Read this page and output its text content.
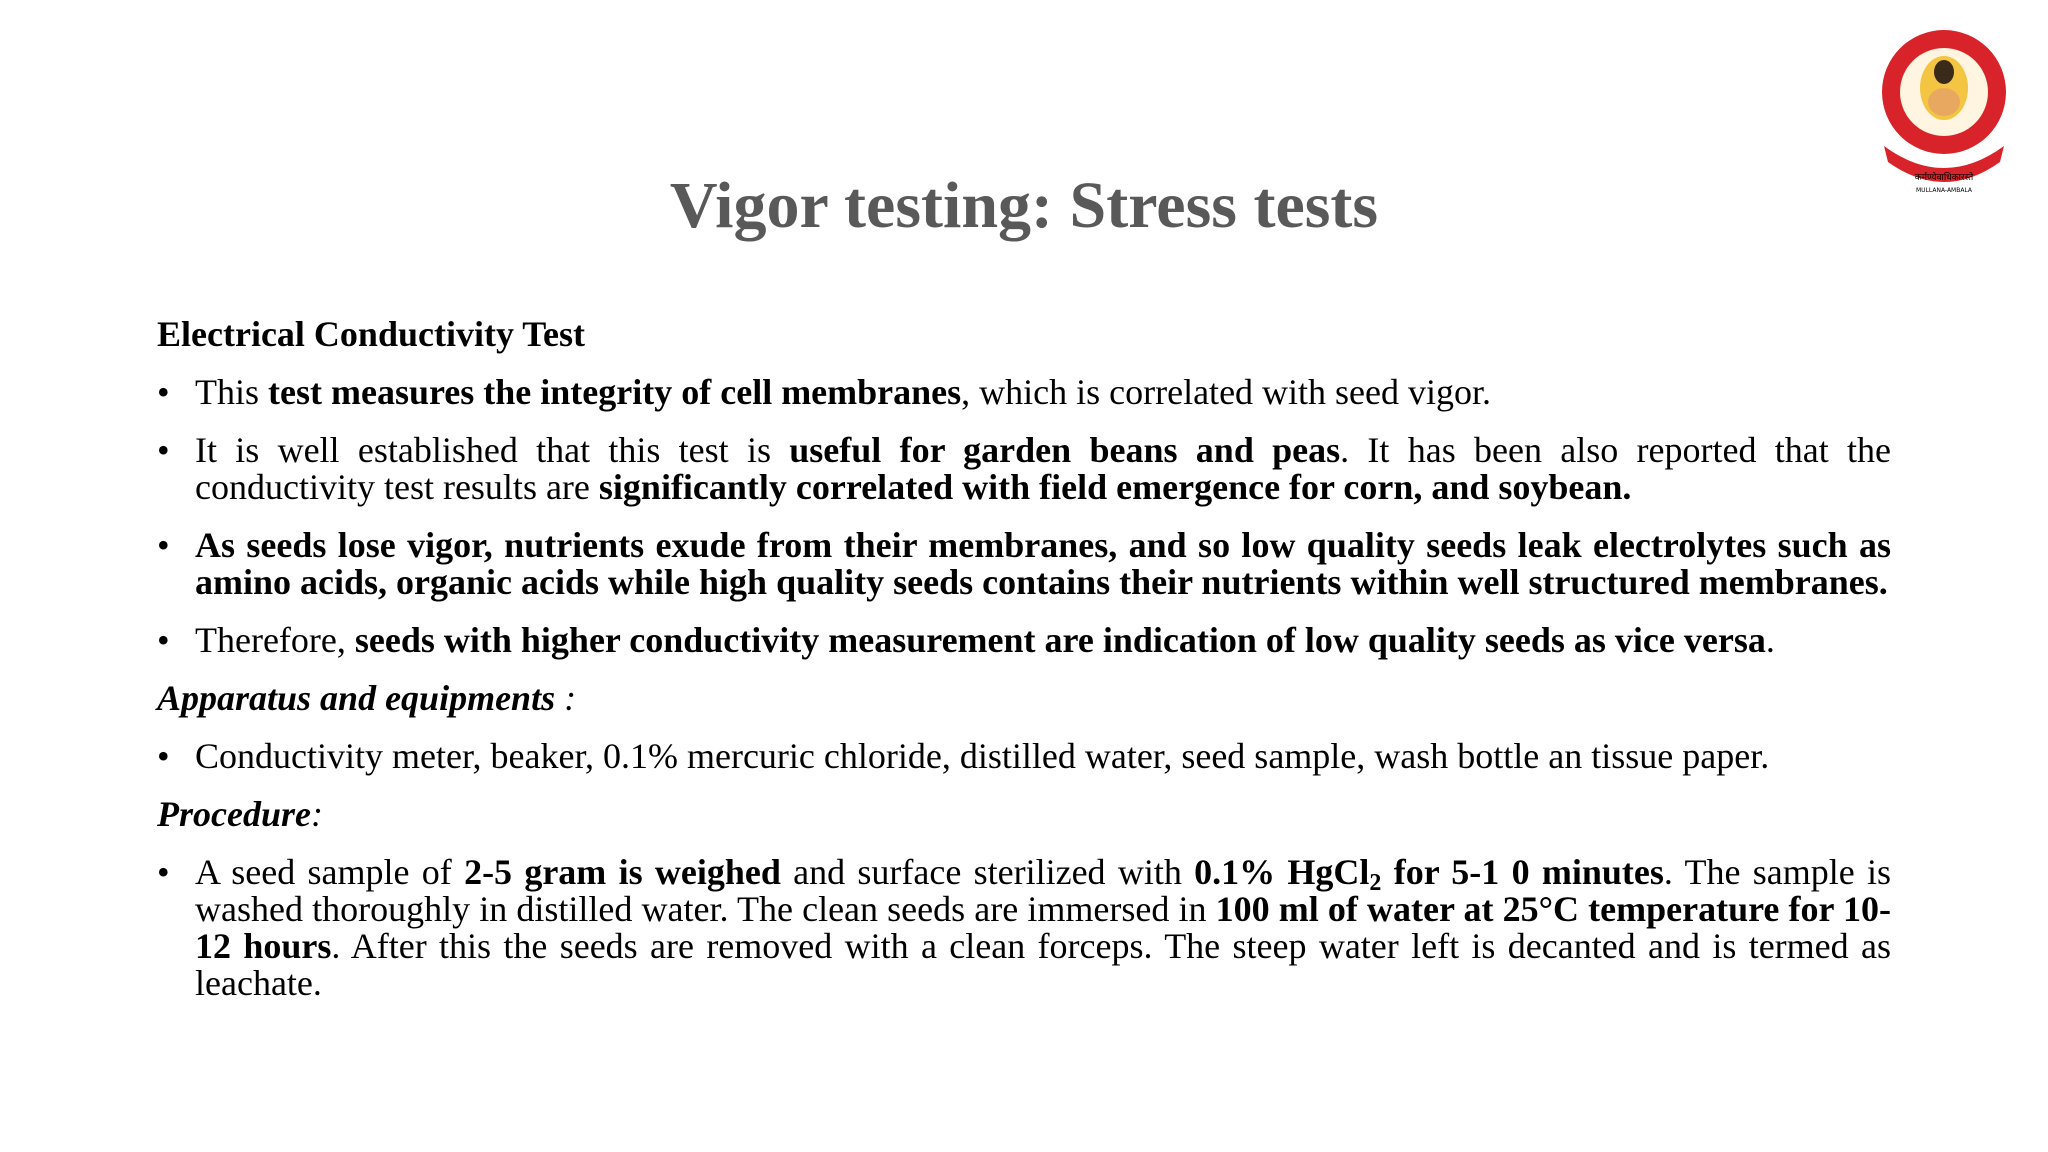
कर्मण्येवाधिकारस्ते
MULLANA-AMBALA
Vigor testing: Stress tests
Electrical Conductivity Test
• This test measures the integrity of cell membranes, which is correlated with seed vigor.
• It is well established that this test is useful for garden beans and peas. It has been also reported that the conductivity test results are significantly correlated with field emergence for corn, and soybean.
• As seeds lose vigor, nutrients exude from their membranes, and so low quality seeds leak electrolytes such as amino acids, organic acids while high quality seeds contains their nutrients within well structured membranes.
• Therefore, seeds with higher conductivity measurement are indication of low quality seeds as vice versa.
Apparatus and equipments :
• Conductivity meter, beaker, 0.1% mercuric chloride, distilled water, seed sample, wash bottle an tissue paper.
Procedure:
• A seed sample of 2-5 gram is weighed and surface sterilized with 0.1% HgCl$_2$ for 5-1 0 minutes. The sample is washed thoroughly in distilled water. The clean seeds are immersed in 100 ml of water at 25°C temperature for 10-12 hours. After this the seeds are removed with a clean forceps. The steep water left is decanted and is termed as leachate.
